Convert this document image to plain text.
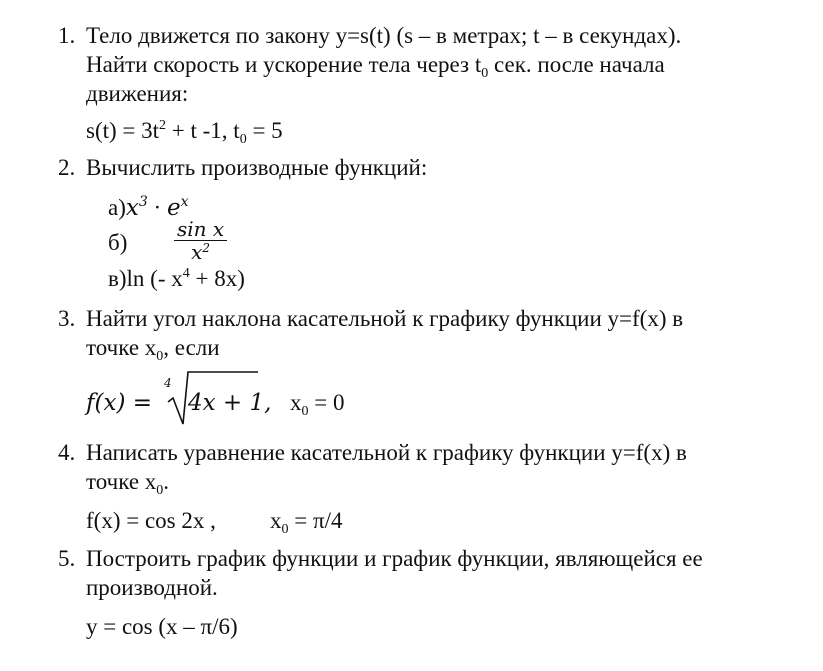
1. Тело движется по закону y=s(t) (s – в метрах; t – в секундах).
Найти скорость и ускорение тела через $t_0$ сек. после начала
движения:
$s(t) = 3t^2 + t$ -1, $t_0 = 5$
2. Вычислить производные функций:
$а)x^3 \cdot e^x$
$б) \frac{\text{sin x}}{x^2}$
в)ln (- $x^4 + 8x$)
3. Найти угол наклона касательной к графику функции y=f(x) в
точке $x_0$, если
f(x) =
4
4x + 1, $x_0 = 0$
4. Написать уравнение касательной к графику функции y=f(x) в
точке $x_0$.
f(x) = cos 2x , $x_0 = \pi/4$
5. Построить график функции и график функции, являющейся ее
производной.
y = cos (x – π/6)
